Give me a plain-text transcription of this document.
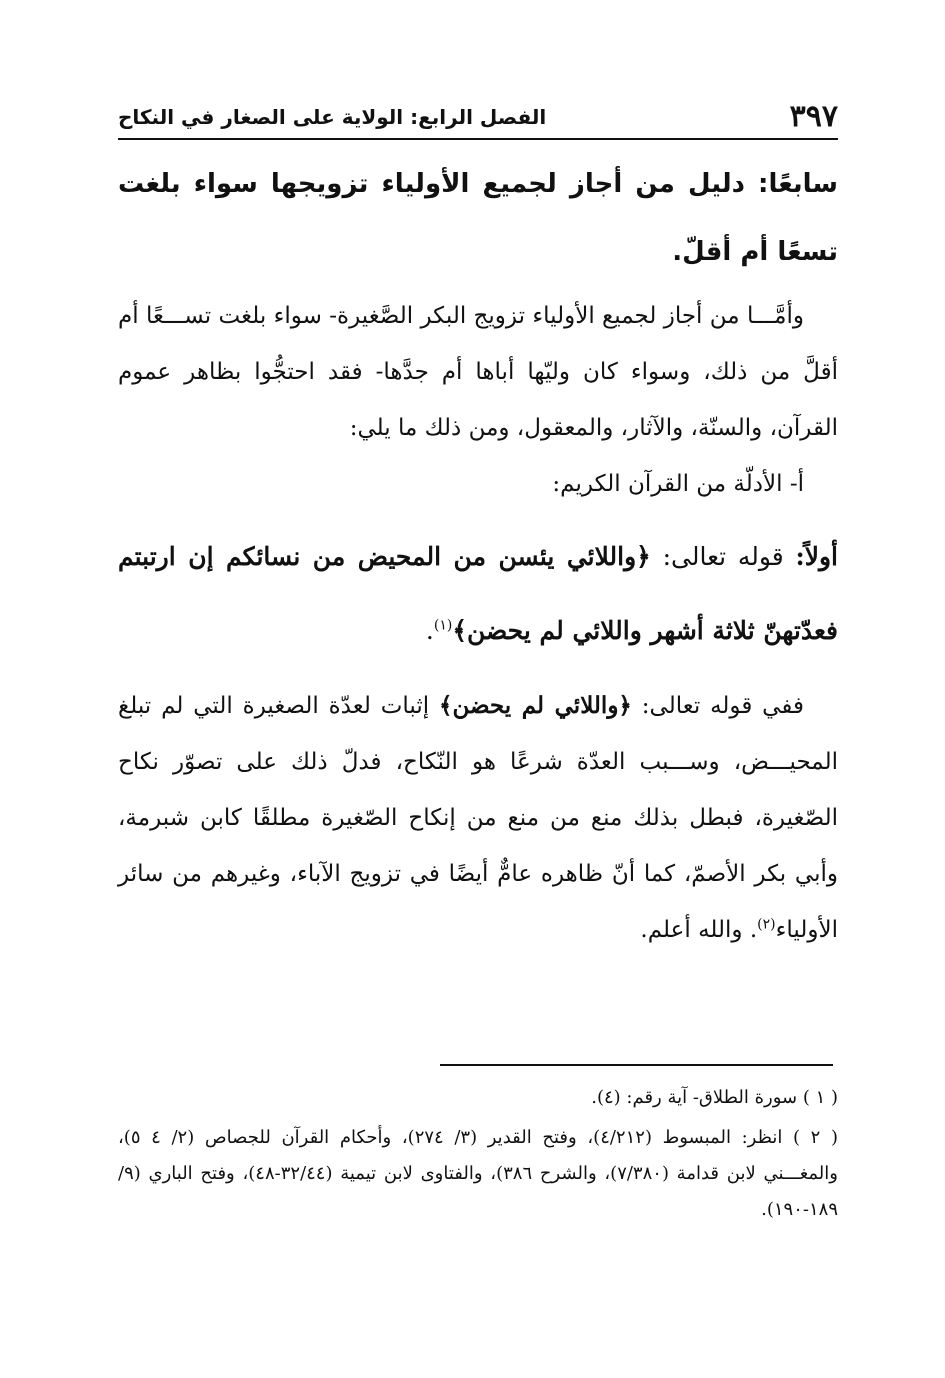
٣٩٧
الفصل الرابع: الولاية على الصغار في النكاح

سابعًا: دليل من أجاز لجميع الأولياء تزويجها سواء بلغت تسعًا أم أقلّ.

وأمَّـــا من أجاز لجميع الأولياء تزويج البكر الصَّغيرة- سواء بلغت تســـعًا أم أقلَّ من ذلك، وسواء كان وليّها أباها أم جدَّها- فقد احتجُّوا بظاهر عموم القرآن، والسنّة، والآثار، والمعقول، ومن ذلك ما يلي:

أ- الأدلّة من القرآن الكريم:

أولاً: قوله تعالى: ﴿واللائي يئسن من المحيض من نسائكم إن ارتبتم فعدّتهنّ ثلاثة أشهر واللائي لم يحضن﴾$^{(١)}$.

ففي قوله تعالى: ﴿واللائي لم يحضن﴾ إثبات لعدّة الصغيرة التي لم تبلغ المحيـــض، وســـبب العدّة شرعًا هو النّكاح، فدلّ ذلك على تصوّر نكاح الصّغيرة، فبطل بذلك منع من منع من إنكاح الصّغيرة مطلقًا كابن شبرمة، وأبي بكر الأصمّ، كما أنّ ظاهره عامٌّ أيضًا في تزويج الآباء، وغيرهم من سائر الأولياء$^{(٢)}$. والله أعلم.

( ١ ) سورة الطلاق- آية رقم: (٤).

( ٢ ) انظر: المبسوط (٤/٢١٢)، وفتح القدير (٣/ ٢٧٤)، وأحكام القرآن للجصاص (٢/ ٤ ٥)، والمغـــني لابن قدامة (٧/٣٨٠)، والشرح ٣٨٦)، والفتاوى لابن تيمية (٣٢/٤٤-٤٨)، وفتح الباري (٩/ ١٨٩-١٩٠).
